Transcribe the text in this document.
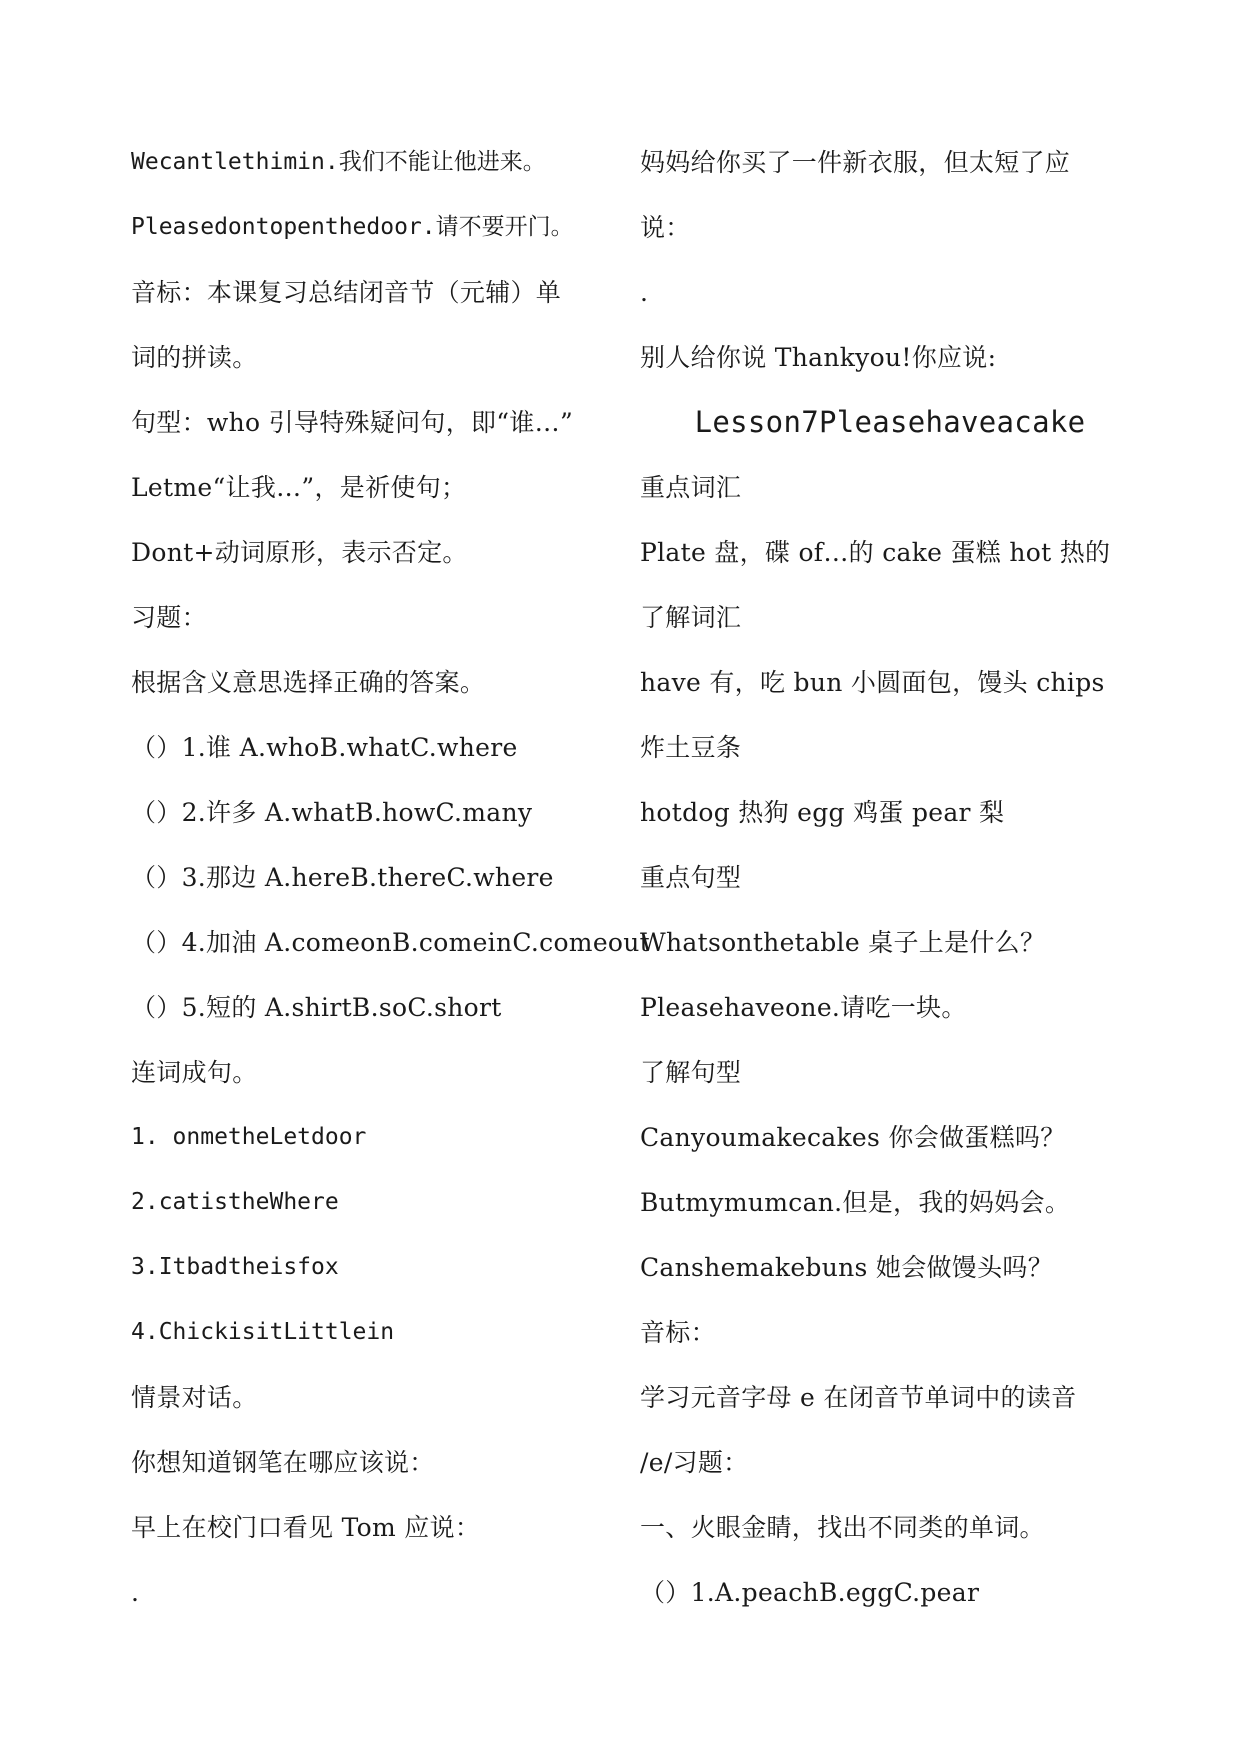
Wecantlethimin.我们不能让他进来。
Pleasedontopenthedoor.请不要开门。
音标：本课复习总结闭音节（元辅）单
词的拼读。
句型：who 引导特殊疑问句，即“谁…”
Letme“让我…”，是祈使句；
Dont+动词原形，表示否定。
习题：
根据含义意思选择正确的答案。
（）1.谁 A.whoB.whatC.where
（）2.许多 A.whatB.howC.many
（）3.那边 A.hereB.thereC.where
（）4.加油 A.comeonB.comeinC.comeout
（）5.短的 A.shirtB.soC.short
连词成句。
1. onmetheLetdoor
2.catistheWhere
3.Itbadtheisfox
4.ChickisitLittlein
情景对话。
你想知道钢笔在哪应该说：
早上在校门口看见 Tom 应说：
.
妈妈给你买了一件新衣服，但太短了应
说：
.
别人给你说 Thankyou!你应说:
Lesson7Pleasehaveacake
重点词汇
Plate 盘，碟 of…的 cake 蛋糕 hot 热的
了解词汇
have 有，吃 bun 小圆面包，馒头 chips
炸土豆条
hotdog 热狗 egg 鸡蛋 pear 梨
重点句型
Whatsonthetable 桌子上是什么？
Pleasehaveone.请吃一块。
了解句型
Canyoumakecakes 你会做蛋糕吗？
Butmymumcan.但是，我的妈妈会。
Canshemakebuns 她会做馒头吗？
音标：
学习元音字母 e 在闭音节单词中的读音
/e/习题：
一、火眼金睛，找出不同类的单词。
（）1.A.peachB.eggC.pear
